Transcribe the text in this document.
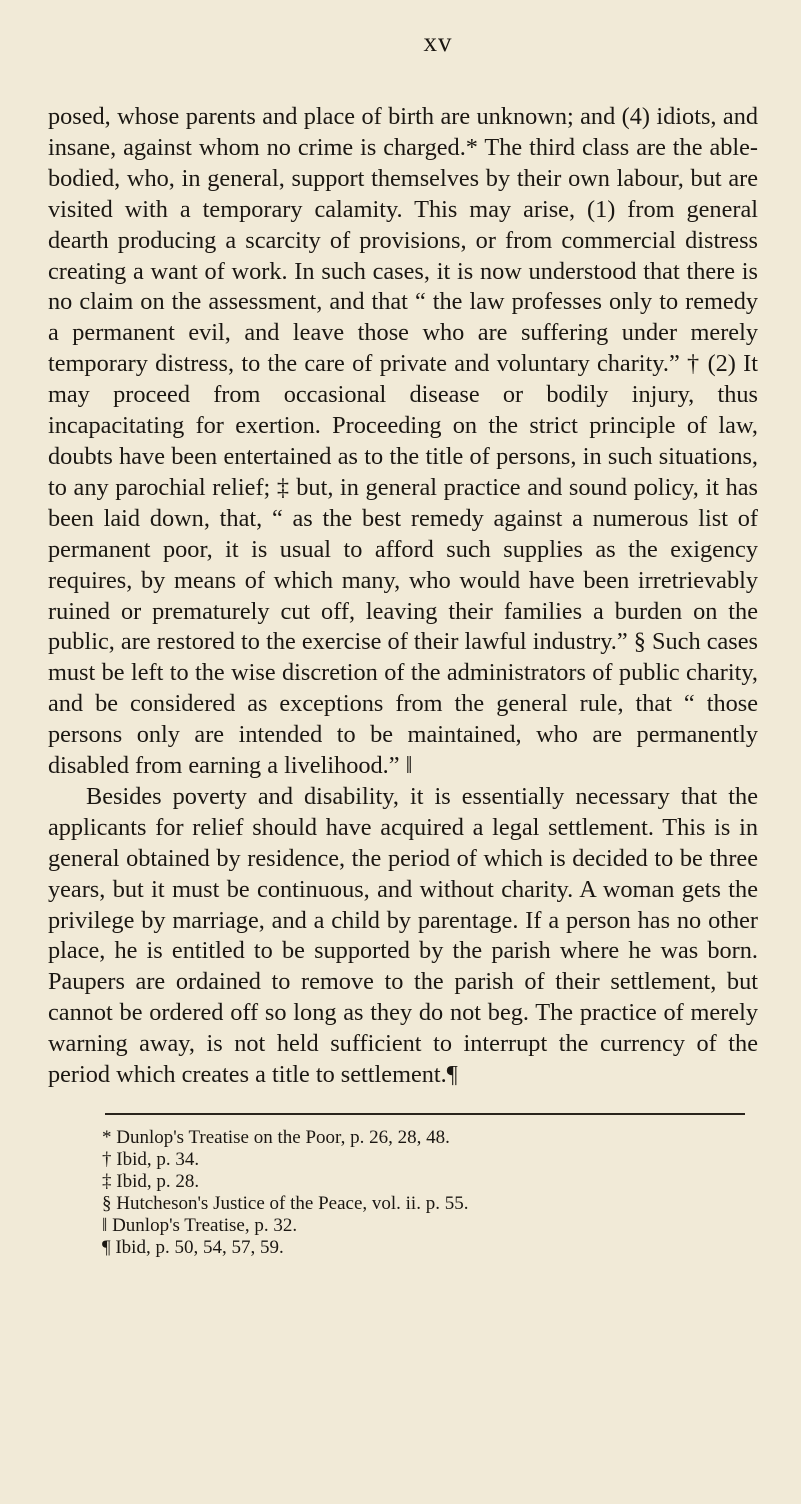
xv

posed, whose parents and place of birth are unknown; and (4) idiots, and insane, against whom no crime is charged.* The third class are the able-bodied, who, in general, support themselves by their own labour, but are visited with a temporary calamity. This may arise, (1) from general dearth producing a scarcity of provisions, or from commercial distress creating a want of work. In such cases, it is now understood that there is no claim on the assessment, and that “ the law professes only to remedy a permanent evil, and leave those who are suffering under merely temporary distress, to the care of private and voluntary charity.” † (2) It may proceed from occasional disease or bodily injury, thus incapacitating for exertion. Proceeding on the strict principle of law, doubts have been entertained as to the title of persons, in such situations, to any parochial relief; ‡ but, in general practice and sound policy, it has been laid down, that, “ as the best remedy against a numerous list of permanent poor, it is usual to afford such supplies as the exigency requires, by means of which many, who would have been irretrievably ruined or prematurely cut off, leaving their families a burden on the public, are restored to the exercise of their lawful industry.” § Such cases must be left to the wise discretion of the administrators of public charity, and be considered as exceptions from the general rule, that “ those persons only are intended to be maintained, who are permanently disabled from earning a livelihood.” ‖

Besides poverty and disability, it is essentially necessary that the applicants for relief should have acquired a legal settlement. This is in general obtained by residence, the period of which is decided to be three years, but it must be continuous, and without charity. A woman gets the privilege by marriage, and a child by parentage. If a person has no other place, he is entitled to be supported by the parish where he was born. Paupers are ordained to remove to the parish of their settlement, but cannot be ordered off so long as they do not beg. The practice of merely warning away, is not held sufficient to interrupt the currency of the period which creates a title to settlement.¶

* Dunlop's Treatise on the Poor, p. 26, 28, 48.
† Ibid, p. 34.
‡ Ibid, p. 28.
§ Hutcheson's Justice of the Peace, vol. ii. p. 55.
‖ Dunlop's Treatise, p. 32.
¶ Ibid, p. 50, 54, 57, 59.
